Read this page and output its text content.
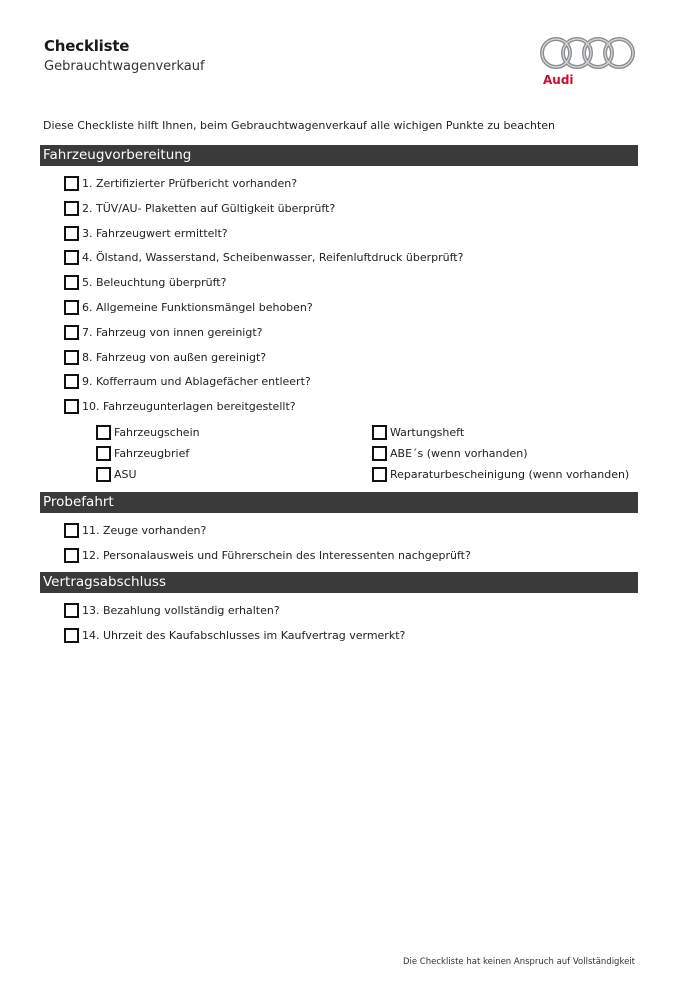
Checkliste
Gebrauchtwagenverkauf
Audi
Diese Checkliste hilft Ihnen, beim Gebrauchtwagenverkauf alle wichigen Punkte zu beachten
Fahrzeugvorbereitung
1. Zertifizierter Prüfbericht vorhanden?
2. TÜV/AU- Plaketten auf Gültigkeit überprüft?
3. Fahrzeugwert ermittelt?
4. Ölstand, Wasserstand, Scheibenwasser, Reifenluftdruck überprüft?
5. Beleuchtung überprüft?
6. Allgemeine Funktionsmängel behoben?
7. Fahrzeug von innen gereinigt?
8. Fahrzeug von außen gereinigt?
9. Kofferraum und Ablagefächer entleert?
10. Fahrzeugunterlagen bereitgestellt?
Fahrzeugschein
Fahrzeugbrief
ASU
Wartungsheft
ABE´s (wenn vorhanden)
Reparaturbescheinigung (wenn vorhanden)
Probefahrt
11. Zeuge vorhanden?
12. Personalausweis und Führerschein des Interessenten nachgeprüft?
Vertragsabschluss
13. Bezahlung vollständig erhalten?
14. Uhrzeit des Kaufabschlusses im Kaufvertrag vermerkt?
Die Checkliste hat keinen Anspruch auf Vollständigkeit
